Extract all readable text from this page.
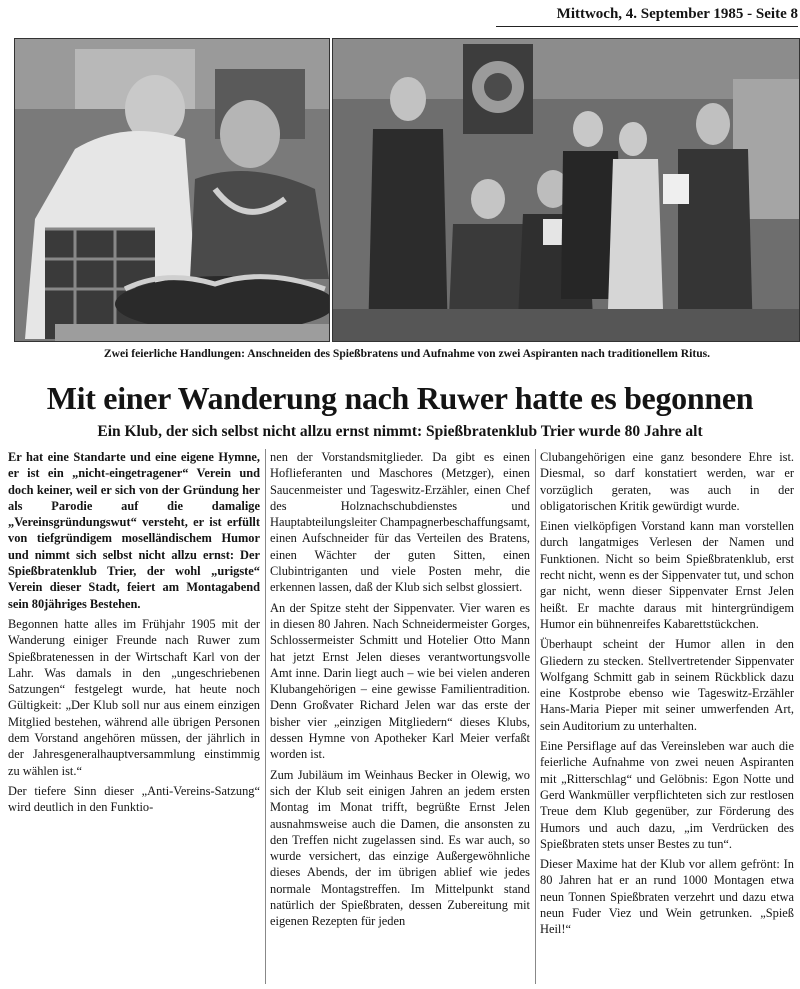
Mittwoch, 4. September 1985 - Seite 8
Zwei feierliche Handlungen: Anschneiden des Spießbratens und Aufnahme von zwei Aspiranten nach traditionellem Ritus.
Mit einer Wanderung nach Ruwer hatte es begonnen
Ein Klub, der sich selbst nicht allzu ernst nimmt: Spießbratenklub Trier wurde 80 Jahre alt

Er hat eine Standarte und eine eigene Hymne, er ist ein „nicht-eingetragener“ Verein und doch keiner, weil er sich von der Gründung her als Parodie auf die damalige „Vereinsgründungswut“ versteht, er ist erfüllt von tiefgründigem moselländischem Humor und nimmt sich selbst nicht allzu ernst: Der Spießbratenklub Trier, der wohl „urigste“ Verein dieser Stadt, feiert am Montagabend sein 80jähriges Bestehen.

Begonnen hatte alles im Frühjahr 1905 mit der Wanderung einiger Freunde nach Ruwer zum Spießbratenessen in der Wirtschaft Karl von der Lahr. Was damals in den „ungeschriebenen Satzungen“ festgelegt wurde, hat heute noch Gültigkeit: „Der Klub soll nur aus einem einzigen Mitglied bestehen, während alle übrigen Personen dem Vorstand angehören müssen, der jährlich in der Jahresgeneralhauptversammlung einstimmig zu wählen ist.“

Der tiefere Sinn dieser „Anti-Vereins-Satzung“ wird deutlich in den Funktio-

nen der Vorstandsmitglieder. Da gibt es einen Hoflieferanten und Maschores (Metzger), einen Saucenmeister und Tageswitz-Erzähler, einen Chef des Holznachschubdienstes und Hauptabteilungsleiter Champagnerbeschaffungsamt, einen Aufschneider für das Verteilen des Bratens, einen Wächter der guten Sitten, einen Clubintriganten und viele Posten mehr, die erkennen lassen, daß der Klub sich selbst glossiert.

An der Spitze steht der Sippenvater. Vier waren es in diesen 80 Jahren. Nach Schneidermeister Gorges, Schlossermeister Schmitt und Hotelier Otto Mann hat jetzt Ernst Jelen dieses verantwortungsvolle Amt inne. Darin liegt auch – wie bei vielen anderen Klubangehörigen – eine gewisse Familientradition. Denn Großvater Richard Jelen war das erste der bisher vier „einzigen Mitgliedern“ dieses Klubs, dessen Hymne von Apotheker Karl Meier verfaßt worden ist.

Zum Jubiläum im Weinhaus Becker in Olewig, wo sich der Klub seit einigen Jahren an jedem ersten Montag im Monat trifft, begrüßte Ernst Jelen ausnahmsweise auch die Damen, die ansonsten zu den Treffen nicht zugelassen sind. Es war auch, so wurde versichert, das einzige Außergewöhnliche dieses Abends, der im übrigen ablief wie jedes normale Montagstreffen. Im Mittelpunkt stand natürlich der Spießbraten, dessen Zubereitung mit eigenen Rezepten für jeden

Clubangehörigen eine ganz besondere Ehre ist. Diesmal, so darf konstatiert werden, war er vorzüglich geraten, was auch in der obligatorischen Kritik gewürdigt wurde.

Einen vielköpfigen Vorstand kann man vorstellen durch langatmiges Verlesen der Namen und Funktionen. Nicht so beim Spießbratenklub, erst recht nicht, wenn es der Sippenvater tut, und schon gar nicht, wenn dieser Sippenvater Ernst Jelen heißt. Er machte daraus mit hintergründigem Humor ein bühnenreifes Kabarettstückchen.

Überhaupt scheint der Humor allen in den Gliedern zu stecken. Stellvertretender Sippenvater Wolfgang Schmitt gab in seinem Rückblick dazu eine Kostprobe ebenso wie Tageswitz-Erzähler Hans-Maria Pieper mit seiner umwerfenden Art, sein Auditorium zu unterhalten.

Eine Persiflage auf das Vereinsleben war auch die feierliche Aufnahme von zwei neuen Aspiranten mit „Ritterschlag“ und Gelöbnis: Egon Notte und Gerd Wankmüller verpflichteten sich zur restlosen Treue dem Klub gegenüber, zur Förderung des Humors und auch dazu, „im Verdrücken des Spießbraten stets unser Bestes zu tun“.

Dieser Maxime hat der Klub vor allem gefrönt: In 80 Jahren hat er an rund 1000 Montagen etwa neun Tonnen Spießbraten verzehrt und dazu etwa neun Fuder Viez und Wein getrunken. „Spieß Heil!“
